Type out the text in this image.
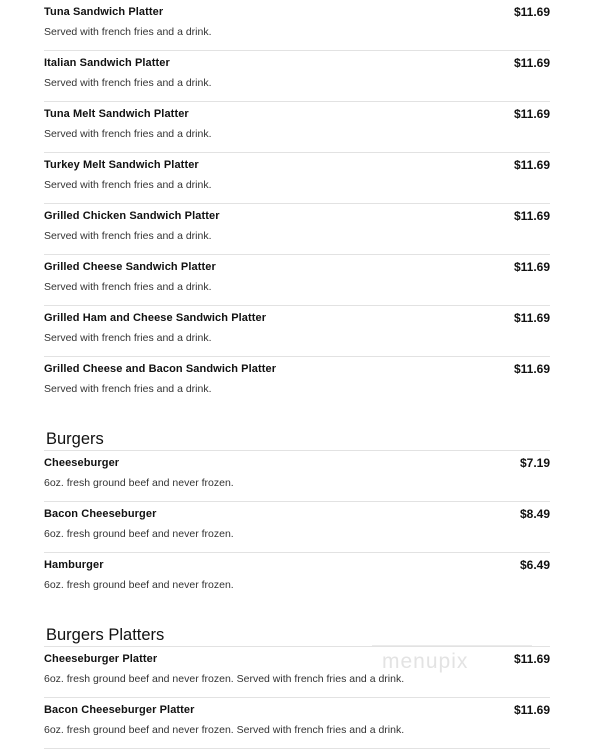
Tuna Sandwich Platter
Served with french fries and a drink.
$11.69
Italian Sandwich Platter
Served with french fries and a drink.
$11.69
Tuna Melt Sandwich Platter
Served with french fries and a drink.
$11.69
Turkey Melt Sandwich Platter
Served with french fries and a drink.
$11.69
Grilled Chicken Sandwich Platter
Served with french fries and a drink.
$11.69
Grilled Cheese Sandwich Platter
Served with french fries and a drink.
$11.69
Grilled Ham and Cheese Sandwich Platter
Served with french fries and a drink.
$11.69
Grilled Cheese and Bacon Sandwich Platter
Served with french fries and a drink.
$11.69
Burgers
Cheeseburger
6oz. fresh ground beef and never frozen.
$7.19
Bacon Cheeseburger
6oz. fresh ground beef and never frozen.
$8.49
Hamburger
6oz. fresh ground beef and never frozen.
$6.49
Burgers Platters
Cheeseburger Platter
6oz. fresh ground beef and never frozen. Served with french fries and a drink.
$11.69
Bacon Cheeseburger Platter
6oz. fresh ground beef and never frozen. Served with french fries and a drink.
$11.69
menupix
